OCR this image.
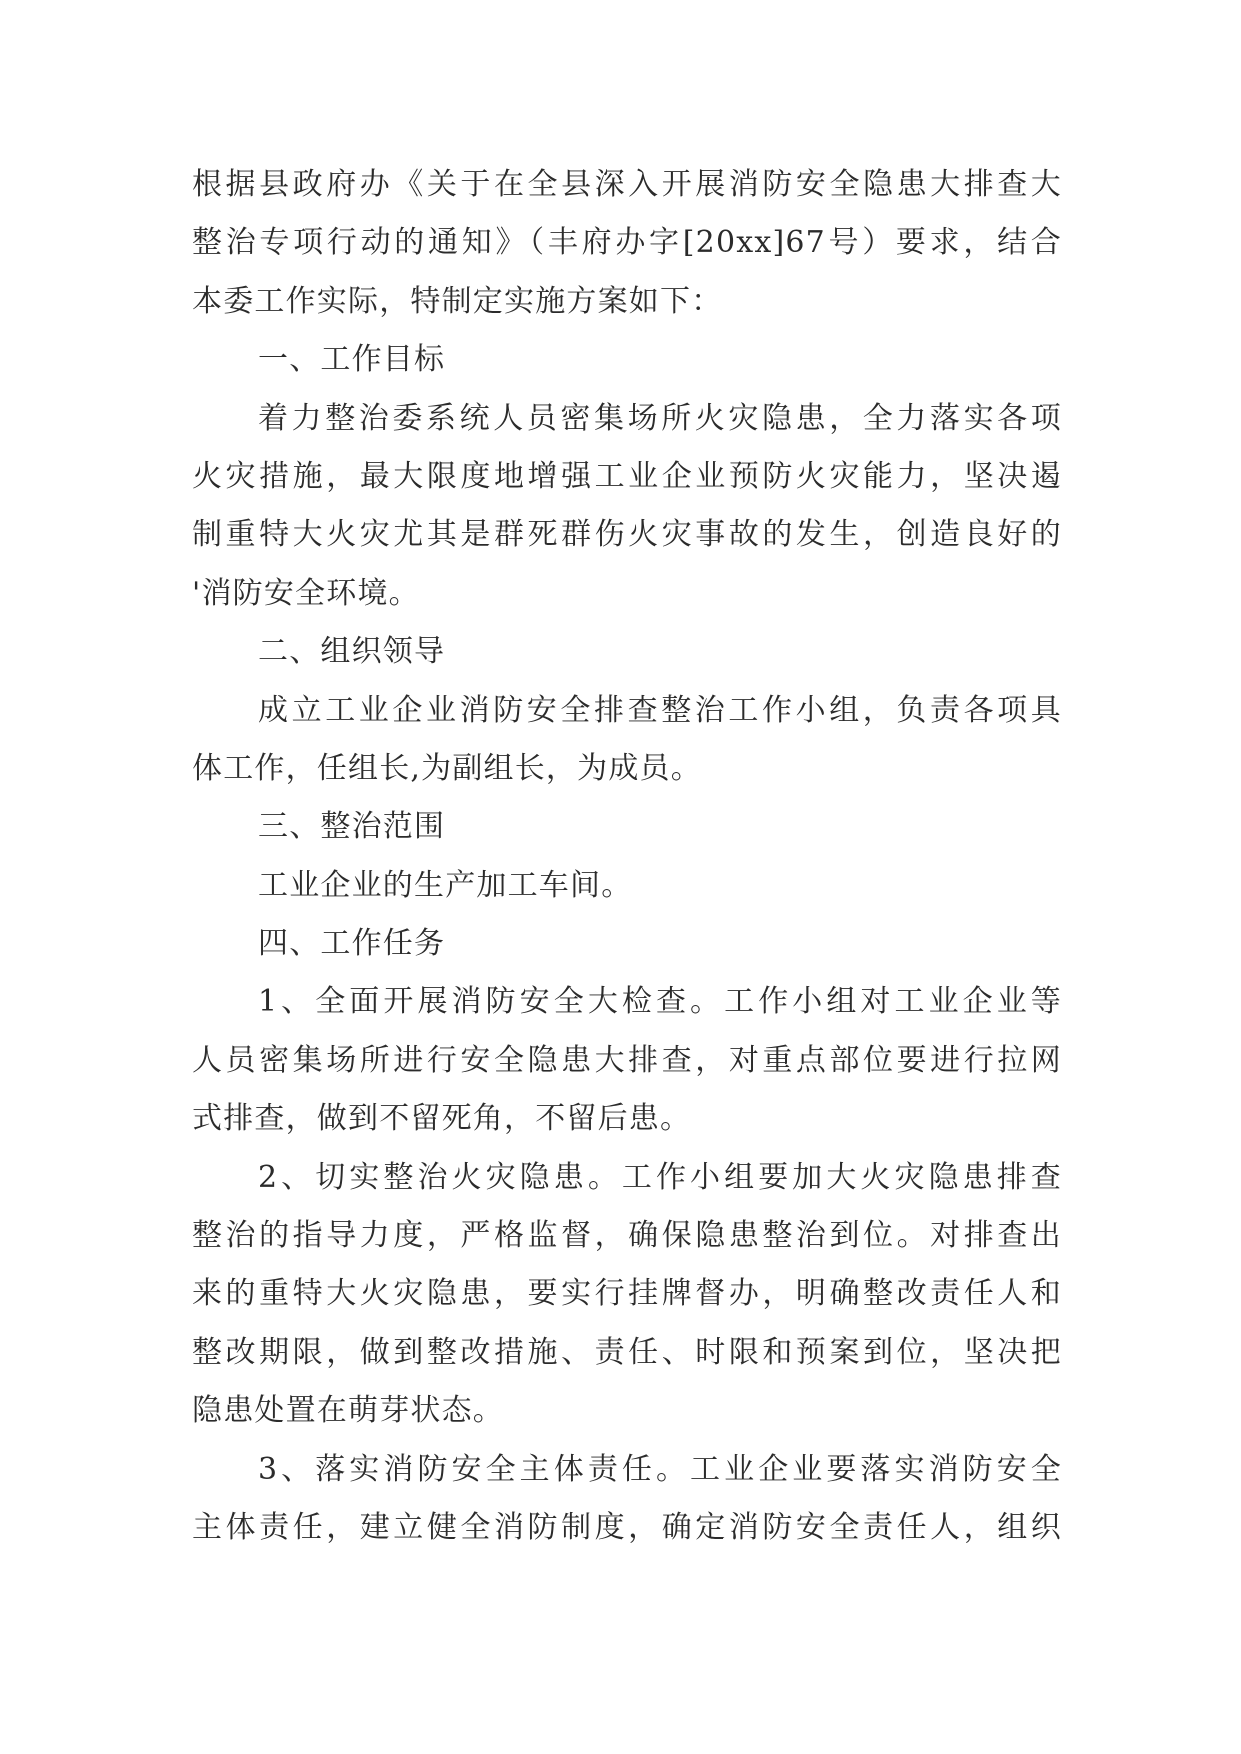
根据县政府办《关于在全县深入开展消防安全隐患大排查大
整治专项行动的通知》（丰府办字[20xx]67号）要求，结合
本委工作实际，特制定实施方案如下：
一、工作目标
着力整治委系统人员密集场所火灾隐患，全力落实各项
火灾措施，最大限度地增强工业企业预防火灾能力，坚决遏
制重特大火灾尤其是群死群伤火灾事故的发生，创造良好的
'消防安全环境。
二、组织领导
成立工业企业消防安全排查整治工作小组，负责各项具
体工作，任组长,为副组长，为成员。
三、整治范围
工业企业的生产加工车间。
四、工作任务
1、全面开展消防安全大检查。工作小组对工业企业等
人员密集场所进行安全隐患大排查，对重点部位要进行拉网
式排查，做到不留死角，不留后患。
2、切实整治火灾隐患。工作小组要加大火灾隐患排查
整治的指导力度，严格监督，确保隐患整治到位。对排查出
来的重特大火灾隐患，要实行挂牌督办，明确整改责任人和
整改期限，做到整改措施、责任、时限和预案到位，坚决把
隐患处置在萌芽状态。
3、落实消防安全主体责任。工业企业要落实消防安全
主体责任，建立健全消防制度，确定消防安全责任人，组织
